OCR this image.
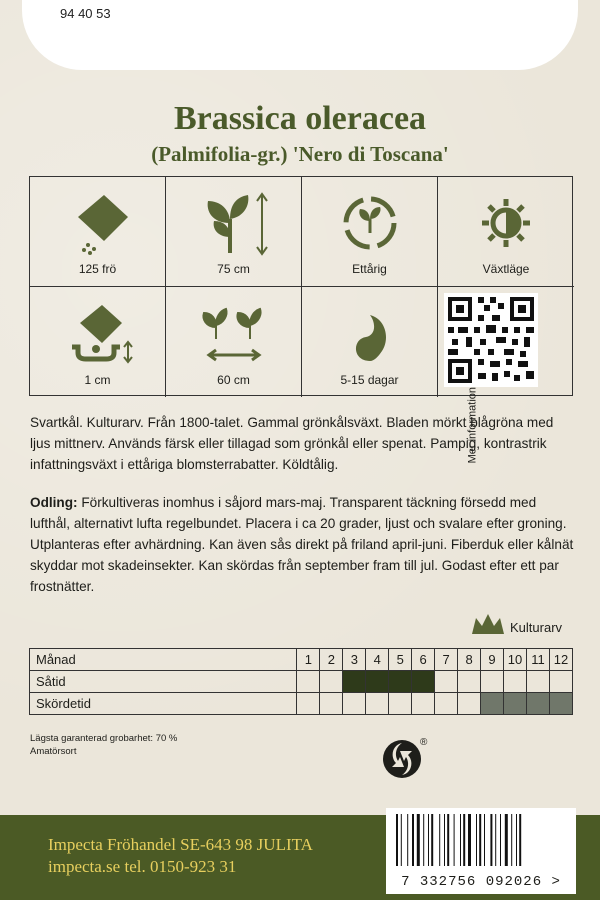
94 40 53
Brassica oleracea
(Palmifolia-gr.) 'Nero di Toscana'
125 frö	75 cm	Ettårig	Växtläge
1 cm	60 cm	5-15 dagar
Mer information
Svartkål. Kulturarv. Från 1800-talet. Gammal grönkålsväxt. Bladen mörkt blågröna med ljus mittnerv. Används färsk eller tillagad som grönkål eller spenat. Pampig, kontrastrik infattningsväxt i ettåriga blomsterrabatter. Köldtålig.
Odling: Förkultiveras inomhus i såjord mars-maj. Transparent täckning försedd med lufthål, alternativt lufta regelbundet. Placera i ca 20 grader, ljust och svalare efter groning. Utplanteras efter avhärdning. Kan även sås direkt på friland april-juni. Fiberduk eller kålnät skyddar mot skadeinsekter. Kan skördas från september fram till jul. Godast efter ett par frostnätter.
Kulturarv
Månad	1	2	3	4	5	6	7	8	9	10	11	12
Såtid												
Skördetid												
Lägsta garanterad grobarhet: 70 %
Amatörsort
®
Impecta Fröhandel SE-643 98 JULITA
impecta.se tel. 0150-923 31
7 332756 092026 >
